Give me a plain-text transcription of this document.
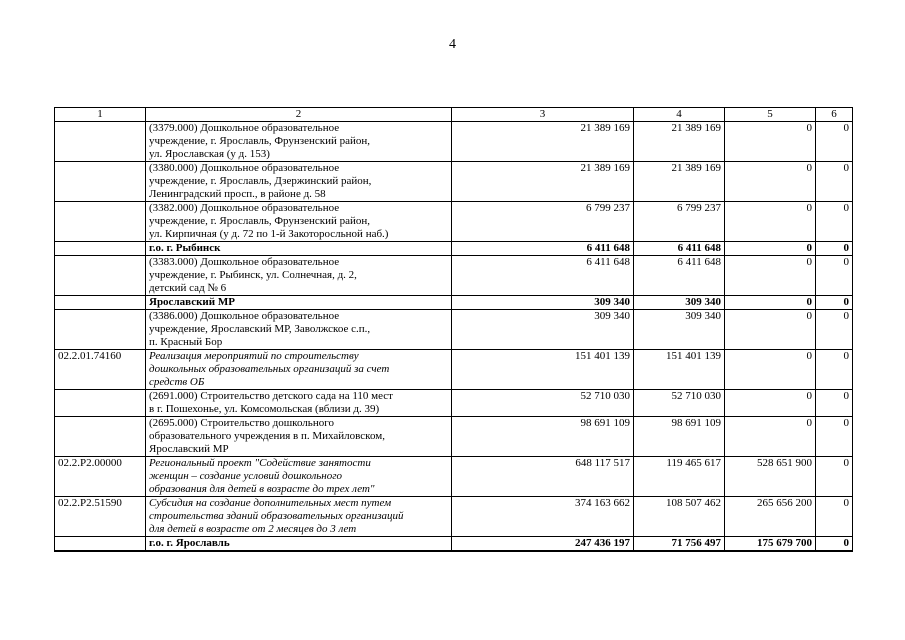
4
1	2	3	4	5	6

	(3379.000) Дошкольное образовательное
учреждение, г. Ярославль, Фрунзенский район,
ул. Ярославская (у д. 153)	21 389 169	21 389 169	0	0

	(3380.000) Дошкольное образовательное
учреждение, г. Ярославль, Дзержинский район,
Ленинградский просп., в районе д. 58	21 389 169	21 389 169	0	0

	(3382.000) Дошкольное образовательное
учреждение, г. Ярославль, Фрунзенский район,
ул. Кирпичная (у д. 72 по 1-й Закоторосльной наб.)	6 799 237	6 799 237	0	0

	г.о. г. Рыбинск	6 411 648	6 411 648	0	0

	(3383.000) Дошкольное образовательное
учреждение, г. Рыбинск, ул. Солнечная, д. 2,
детский сад № 6	6 411 648	6 411 648	0	0

	Ярославский МР	309 340	309 340	0	0

	(3386.000) Дошкольное образовательное
учреждение, Ярославский МР, Заволжское с.п.,
п. Красный Бор	309 340	309 340	0	0
02.2.01.74160	Реализация мероприятий по строительству
дошкольных образовательных организаций за счет
средств ОБ	151 401 139	151 401 139	0	0

	(2691.000) Строительство детского сада на 110 мест
в г. Пошехонье, ул. Комсомольская (вблизи д. 39)	52 710 030	52 710 030	0	0

	(2695.000) Строительство дошкольного
образовательного учреждения в п. Михайловском,
Ярославский МР	98 691 109	98 691 109	0	0
02.2.P2.00000	Региональный проект "Содействие занятости
женщин – создание условий дошкольного
образования для детей в возрасте до трех лет"	648 117 517	119 465 617	528 651 900	0
02.2.P2.51590	Субсидия на создание дополнительных мест путем
строительства зданий образовательных организаций
для детей в возрасте от 2 месяцев до 3 лет	374 163 662	108 507 462	265 656 200	0

	г.о. г. Ярославль	247 436 197	71 756 497	175 679 700	0
